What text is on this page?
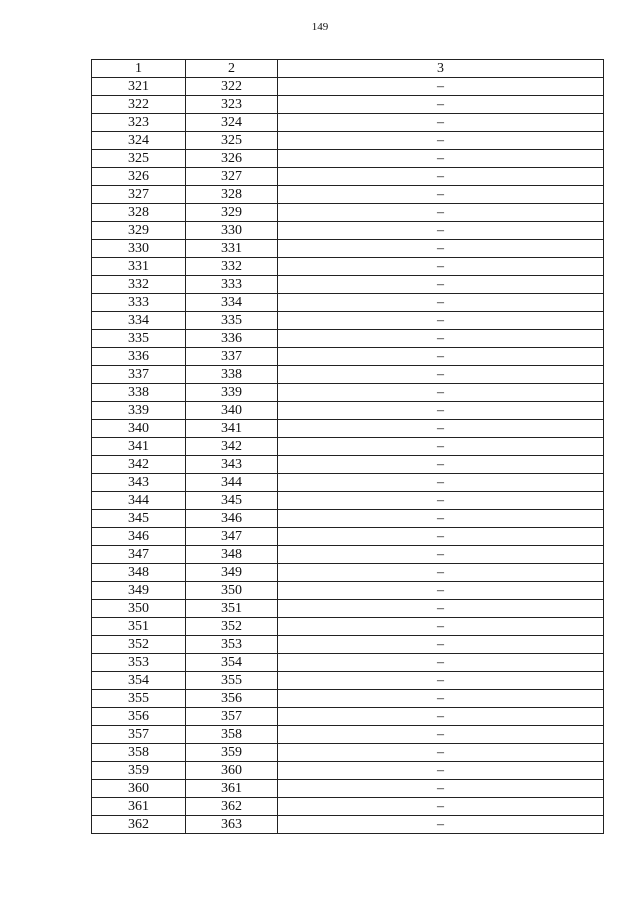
149
1	2	3
321	322	–
322	323	–
323	324	–
324	325	–
325	326	–
326	327	–
327	328	–
328	329	–
329	330	–
330	331	–
331	332	–
332	333	–
333	334	–
334	335	–
335	336	–
336	337	–
337	338	–
338	339	–
339	340	–
340	341	–
341	342	–
342	343	–
343	344	–
344	345	–
345	346	–
346	347	–
347	348	–
348	349	–
349	350	–
350	351	–
351	352	–
352	353	–
353	354	–
354	355	–
355	356	–
356	357	–
357	358	–
358	359	–
359	360	–
360	361	–
361	362	–
362	363	–
